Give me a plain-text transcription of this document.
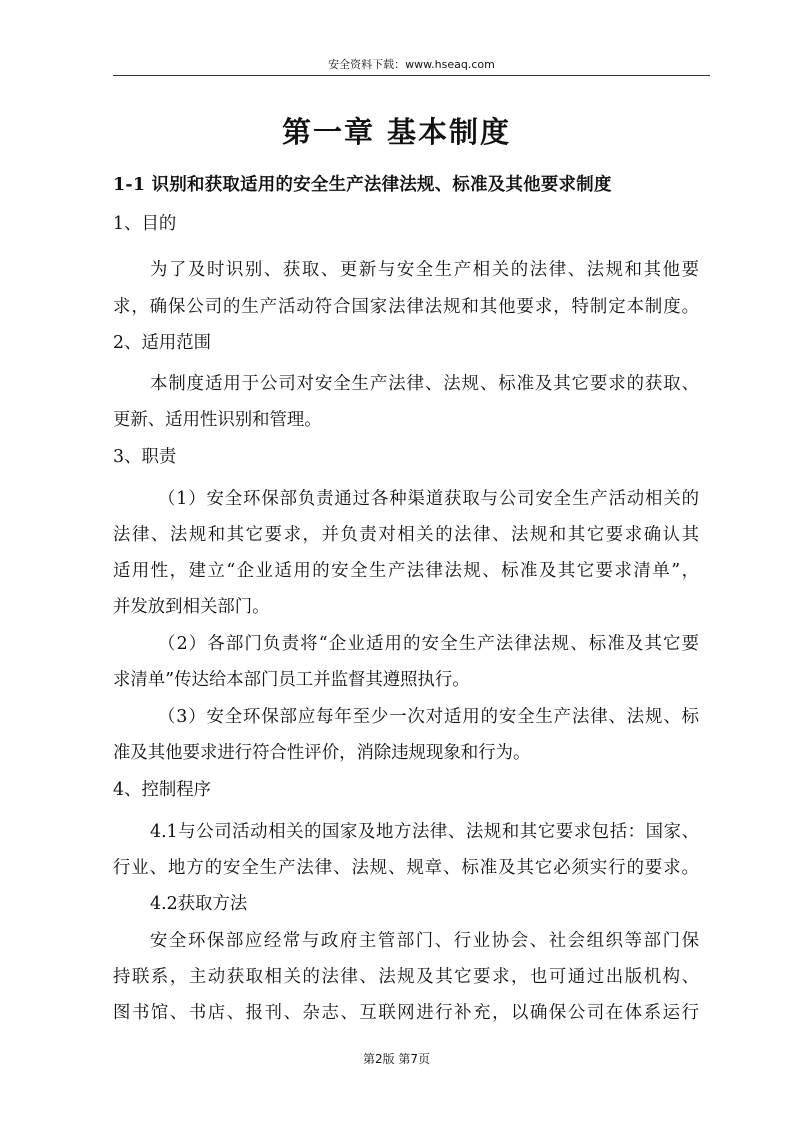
安全资料下载：www.hseaq.com
第一章 基本制度
1-1 识别和获取适用的安全生产法律法规、标准及其他要求制度
1、目的
为了及时识别、获取、更新与安全生产相关的法律、法规和其他要
求，确保公司的生产活动符合国家法律法规和其他要求，特制定本制度。
2、适用范围
本制度适用于公司对安全生产法律、法规、标准及其它要求的获取、
更新、适用性识别和管理。
3、职责
（1）安全环保部负责通过各种渠道获取与公司安全生产活动相关的
法律、法规和其它要求，并负责对相关的法律、法规和其它要求确认其
适用性，建立“企业适用的安全生产法律法规、标准及其它要求清单”，
并发放到相关部门。
（2）各部门负责将“企业适用的安全生产法律法规、标准及其它要
求清单”传达给本部门员工并监督其遵照执行。
（3）安全环保部应每年至少一次对适用的安全生产法律、法规、标
准及其他要求进行符合性评价，消除违规现象和行为。
4、控制程序
4.1与公司活动相关的国家及地方法律、法规和其它要求包括：国家、
行业、地方的安全生产法律、法规、规章、标准及其它必须实行的要求。
4.2获取方法
安全环保部应经常与政府主管部门、行业协会、社会组织等部门保
持联系，主动获取相关的法律、法规及其它要求，也可通过出版机构、
图书馆、书店、报刊、杂志、互联网进行补充，以确保公司在体系运行
第2版 第7页
